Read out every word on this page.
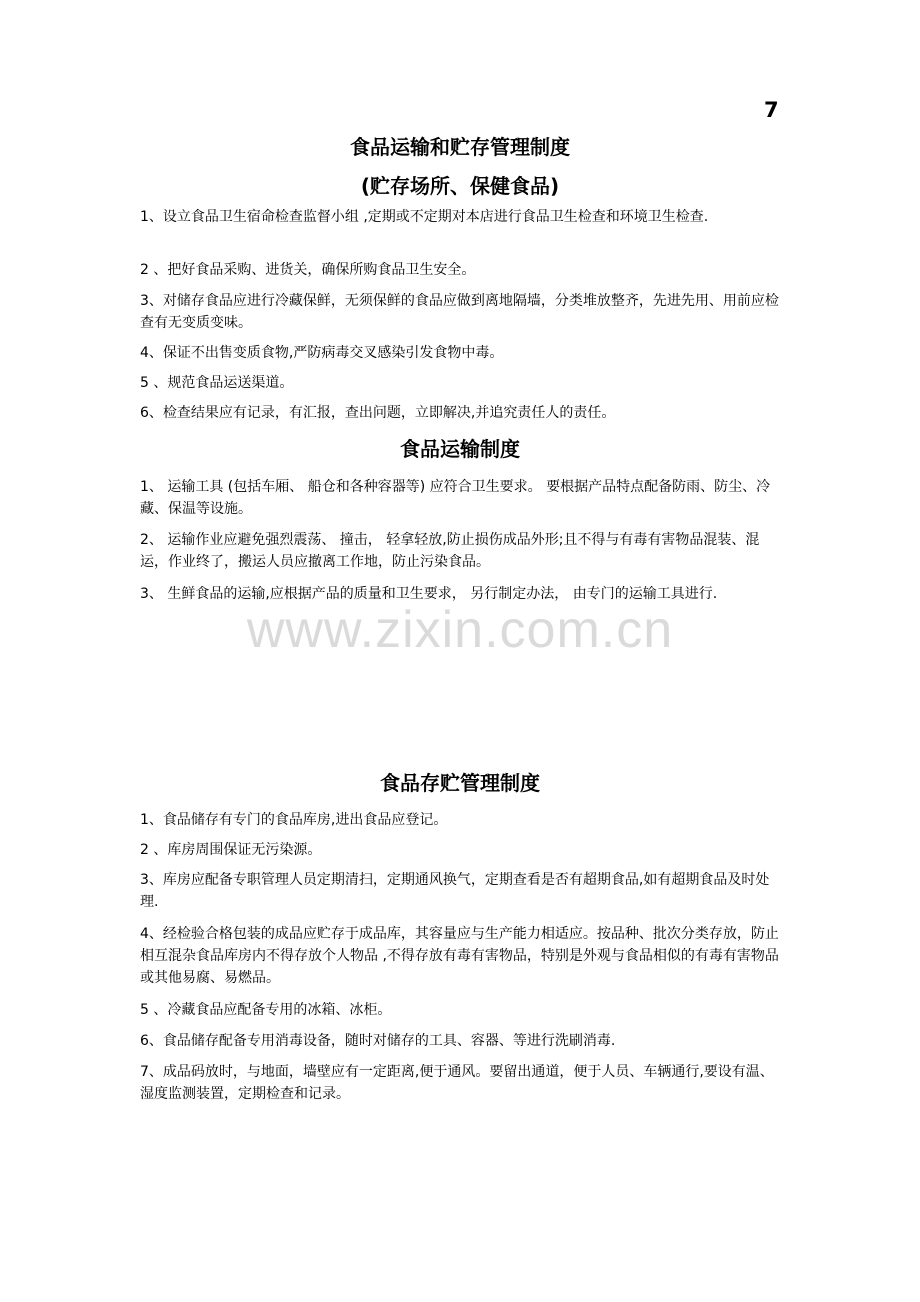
7
食品运输和贮存管理制度
(贮存场所、保健食品)
1、设立食品卫生宿命检查监督小组 ,定期或不定期对本店进行食品卫生检查和环境卫生检查.
2 、把好食品采购、进货关，确保所购食品卫生安全。
3、对储存食品应进行冷藏保鲜，无须保鲜的食品应做到离地隔墙，分类堆放整齐，先进先用、用前应检查有无变质变味。
4、保证不出售变质食物,严防病毒交叉感染引发食物中毒。
5 、规范食品运送渠道。
6、检查结果应有记录，有汇报，查出问题，立即解决,并追究责任人的责任。
食品运输制度
1、 运输工具 (包括车厢、 船仓和各种容器等) 应符合卫生要求。 要根据产品特点配备防雨、防尘、冷藏、保温等设施。
2、 运输作业应避免强烈震荡、 撞击， 轻拿轻放,防止损伤成品外形;且不得与有毒有害物品混装、混运，作业终了，搬运人员应撤离工作地，防止污染食品。
3、 生鲜食品的运输,应根据产品的质量和卫生要求， 另行制定办法， 由专门的运输工具进行.
www.zixin.com.cn
食品存贮管理制度
1、食品储存有专门的食品库房,进出食品应登记。
2 、库房周围保证无污染源。
3、库房应配备专职管理人员定期清扫，定期通风换气，定期查看是否有超期食品,如有超期食品及时处理.
4、经检验合格包装的成品应贮存于成品库，其容量应与生产能力相适应。按品种、批次分类存放，防止相互混杂食品库房内不得存放个人物品 ,不得存放有毒有害物品，特别是外观与食品相似的有毒有害物品或其他易腐、易燃品。
5 、冷藏食品应配备专用的冰箱、冰柜。
6、食品储存配备专用消毒设备，随时对储存的工具、容器、等进行洗刷消毒.
7、成品码放时，与地面，墙壁应有一定距离,便于通风。要留出通道，便于人员、车辆通行,要设有温、湿度监测装置，定期检查和记录。
